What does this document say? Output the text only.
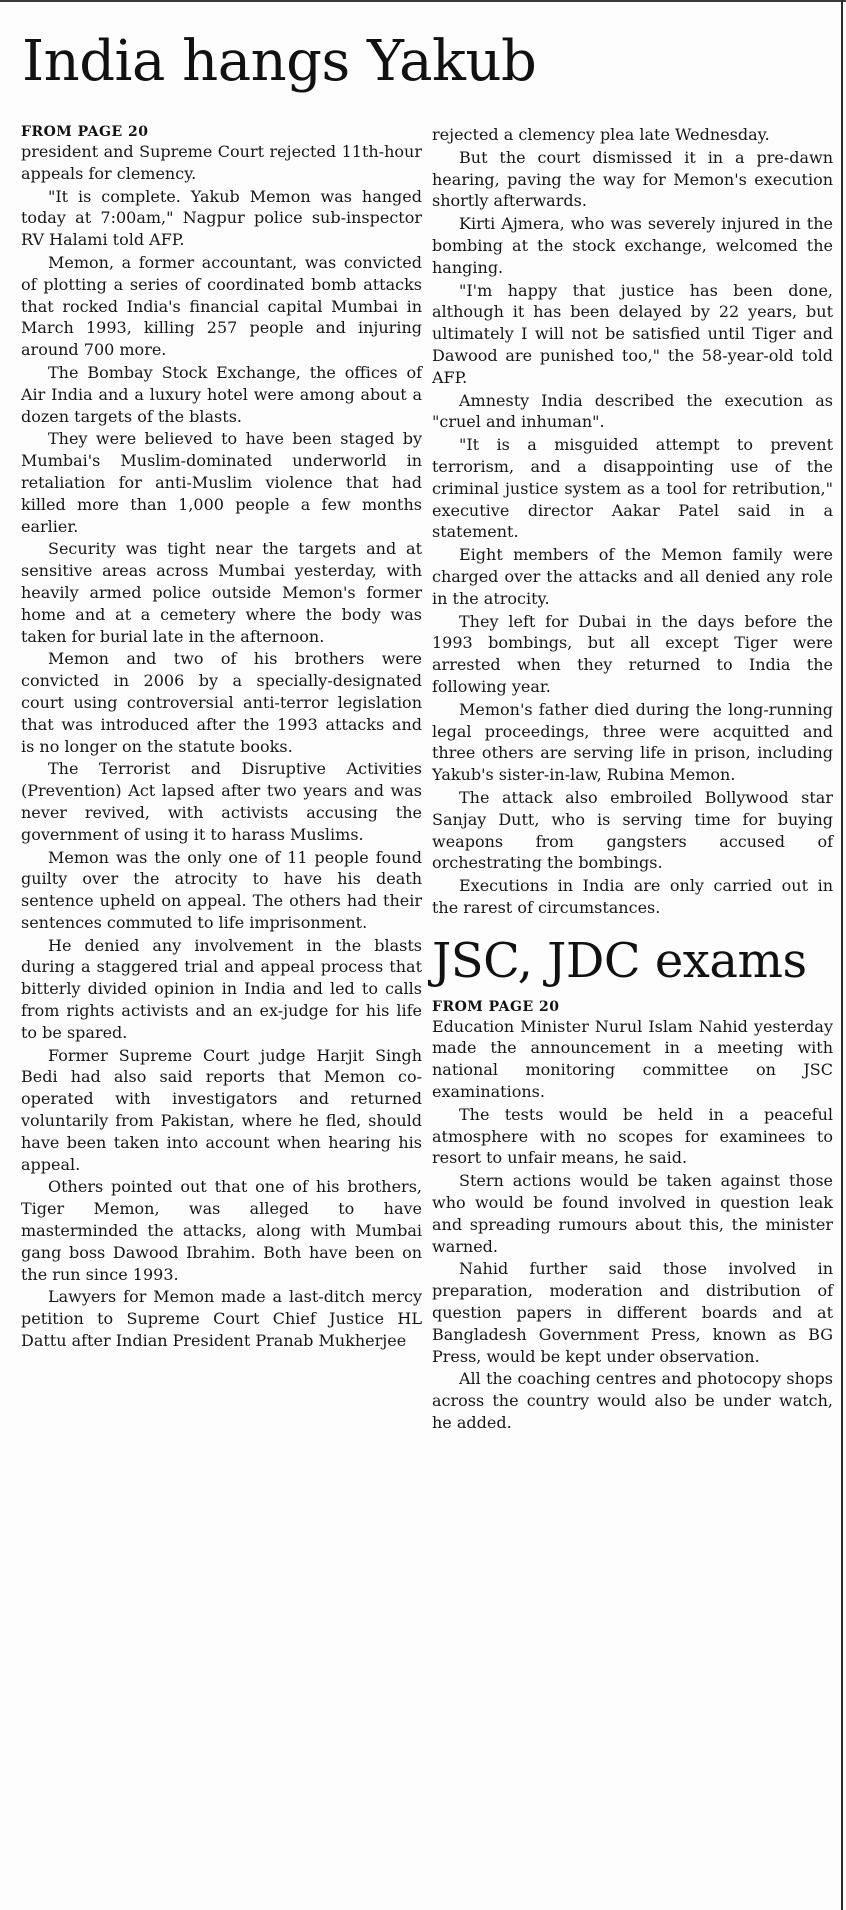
India hangs Yakub

FROM PAGE 20

president and Supreme Court rejected 11th-hour appeals for clemency.

"It is complete. Yakub Memon was hanged today at 7:00am," Nagpur police sub-inspector RV Halami told AFP.

Memon, a former accountant, was convicted of plotting a series of coordinated bomb attacks that rocked India's financial capital Mumbai in March 1993, killing 257 people and injuring around 700 more.

The Bombay Stock Exchange, the offices of Air India and a luxury hotel were among about a dozen targets of the blasts.

They were believed to have been staged by Mumbai's Muslim-dominated underworld in retaliation for anti-Muslim violence that had killed more than 1,000 people a few months earlier.

Security was tight near the targets and at sensitive areas across Mumbai yesterday, with heavily armed police outside Memon's former home and at a cemetery where the body was taken for burial late in the afternoon.

Memon and two of his brothers were convicted in 2006 by a specially-designated court using controversial anti-terror legislation that was introduced after the 1993 attacks and is no longer on the statute books.

The Terrorist and Disruptive Activities (Prevention) Act lapsed after two years and was never revived, with activists accusing the government of using it to harass Muslims.

Memon was the only one of 11 people found guilty over the atrocity to have his death sentence upheld on appeal. The others had their sentences commuted to life imprisonment.

He denied any involvement in the blasts during a staggered trial and appeal process that bitterly divided opinion in India and led to calls from rights activists and an ex-judge for his life to be spared.

Former Supreme Court judge Harjit Singh Bedi had also said reports that Memon co-operated with investigators and returned voluntarily from Pakistan, where he fled, should have been taken into account when hearing his appeal.

Others pointed out that one of his brothers, Tiger Memon, was alleged to have masterminded the attacks, along with Mumbai gang boss Dawood Ibrahim. Both have been on the run since 1993.

Lawyers for Memon made a last-ditch mercy petition to Supreme Court Chief Justice HL Dattu after Indian President Pranab Mukherjee

rejected a clemency plea late Wednesday.

But the court dismissed it in a pre-dawn hearing, paving the way for Memon's execution shortly afterwards.

Kirti Ajmera, who was severely injured in the bombing at the stock exchange, welcomed the hanging.

"I'm happy that justice has been done, although it has been delayed by 22 years, but ultimately I will not be satisfied until Tiger and Dawood are punished too," the 58-year-old told AFP.

Amnesty India described the execution as "cruel and inhuman".

"It is a misguided attempt to prevent terrorism, and a disappointing use of the criminal justice system as a tool for retribution," executive director Aakar Patel said in a statement.

Eight members of the Memon family were charged over the attacks and all denied any role in the atrocity.

They left for Dubai in the days before the 1993 bombings, but all except Tiger were arrested when they returned to India the following year.

Memon's father died during the long-running legal proceedings, three were acquitted and three others are serving life in prison, including Yakub's sister-in-law, Rubina Memon.

The attack also embroiled Bollywood star Sanjay Dutt, who is serving time for buying weapons from gangsters accused of orchestrating the bombings.

Executions in India are only carried out in the rarest of circumstances.

JSC, JDC exams

FROM PAGE 20

Education Minister Nurul Islam Nahid yesterday made the announcement in a meeting with national monitoring committee on JSC examinations.

The tests would be held in a peaceful atmosphere with no scopes for examinees to resort to unfair means, he said.

Stern actions would be taken against those who would be found involved in question leak and spreading rumours about this, the minister warned.

Nahid further said those involved in preparation, moderation and distribution of question papers in different boards and at Bangladesh Government Press, known as BG Press, would be kept under observation.

All the coaching centres and photocopy shops across the country would also be under watch, he added.
